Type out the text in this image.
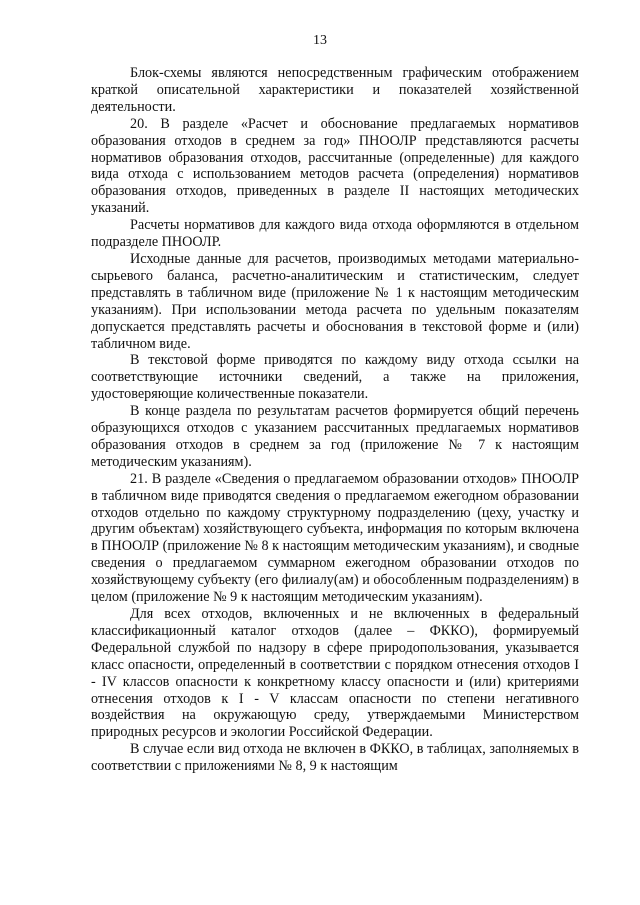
13

Блок-схемы являются непосредственным графическим отображением краткой описательной характеристики и показателей хозяйственной деятельности.

20. В разделе «Расчет и обоснование предлагаемых нормативов образования отходов в среднем за год» ПНООЛР представляются расчеты нормативов образования отходов, рассчитанные (определенные) для каждого вида отхода с использованием методов расчета (определения) нормативов образования отходов, приведенных в разделе II настоящих методических указаний.

Расчеты нормативов для каждого вида отхода оформляются в отдельном подразделе ПНООЛР.

Исходные данные для расчетов, производимых методами материально-сырьевого баланса, расчетно-аналитическим и статистическим, следует представлять в табличном виде (приложение № 1 к настоящим методическим указаниям). При использовании метода расчета по удельным показателям допускается представлять расчеты и обоснования в текстовой форме и (или) табличном виде.

В текстовой форме приводятся по каждому виду отхода ссылки на соответствующие источники сведений, а также на приложения, удостоверяющие количественные показатели.

В конце раздела по результатам расчетов формируется общий перечень образующихся отходов с указанием рассчитанных предлагаемых нормативов образования отходов в среднем за год (приложение № 7 к настоящим методическим указаниям).

21. В разделе «Сведения о предлагаемом образовании отходов» ПНООЛР в табличном виде приводятся сведения о предлагаемом ежегодном образовании отходов отдельно по каждому структурному подразделению (цеху, участку и другим объектам) хозяйствующего субъекта, информация по которым включена в ПНООЛР (приложение № 8 к настоящим методическим указаниям), и сводные сведения о предлагаемом суммарном ежегодном образовании отходов по хозяйствующему субъекту (его филиалу(ам) и обособленным подразделениям) в целом (приложение № 9 к настоящим методическим указаниям).

Для всех отходов, включенных и не включенных в федеральный классификационный каталог отходов (далее – ФККО), формируемый Федеральной службой по надзору в сфере природопользования, указывается класс опасности, определенный в соответствии с порядком отнесения отходов I - IV классов опасности к конкретному классу опасности и (или) критериями отнесения отходов к I - V классам опасности по степени негативного воздействия на окружающую среду, утверждаемыми Министерством природных ресурсов и экологии Российской Федерации.

В случае если вид отхода не включен в ФККО, в таблицах, заполняемых в соответствии с приложениями № 8, 9 к настоящим
